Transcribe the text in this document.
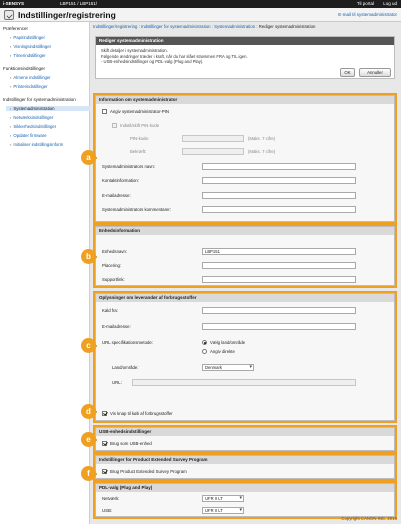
i-SENSYS	LBP151 / LBP151/	Til portal Log ud
Indstillinger/registrering	E-mail til systemadministrator
Præferencer
▪ Papirindstillinger
▪ Visningsindstillinger
▪ Timerindstillinger
Funktionsindstillinger
▪ Almene indstillinger
▪ Printerindstillinger
Indstillinger for systemadministration
▪ Systemadministration
▪ Netværksindstillinger
▪ Sikkerhedsindstillinger
▪ Opdater firmware
▪ Initialiser indstillingsinform
Indstillinger/registrering : Indstillinger for systemadministration : Systemadministration : Rediger systemadministration
Rediger systemadministration
Skift detaljer i systemadministration.
Følgende ændringer træder i kraft, når du har slået strømmen FRA og TIL igen.
- USB-enhedsindstillinger og PDL-valg (Plug and Play).
OK	Annuller
Information om systemadministrator
Angiv systemadministrator-PIN
Indstil/skift PIN-kode
PIN-kode:	(Maks. 7 cifre)
Bekræft:	(Maks. 7 cifre)
Systemadministrators navn:
Kontaktinformation:
E-mailadresse:
Systemadministrators kommentarer:
Enhedsinformation
Enhedsnavn:	LBP151
Placering:
Supportlink:
Oplysninger om leverandør af forbrugsstoffer
Kald fra:
E-mailadresse:
URL specifikationsmetode:	Vælg land/område
Angiv direkte
Land/område:	Denmark ▾
URL:
Vis knap til køb af forbrugsstoffer
USB-enhedsindstillinger
Brug som USB-enhed
Indstillinger for Product Extended Survey Program
Brug Product Extended Survey Program
PDL-valg (Plug and Play)
Netværk:	UFR II LT ▾
USB:	UFR II LT ▾
Copyright CANON INC. 2015
a
b
c
d
e
f
